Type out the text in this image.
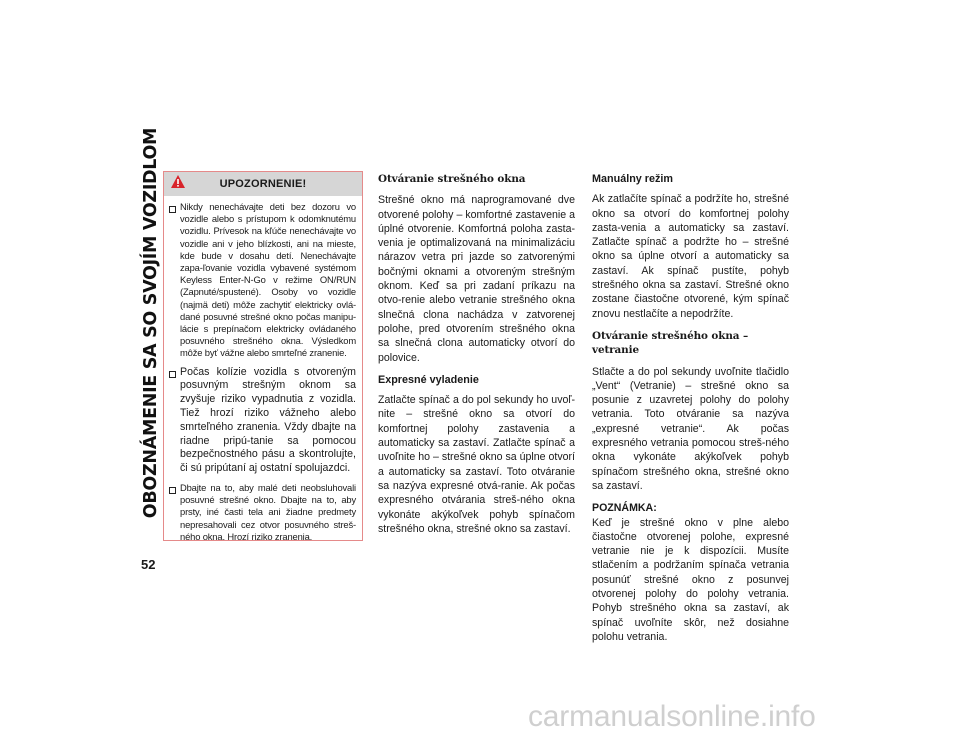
OBOZNÁMENIE SA SO SVOJÍM VOZIDLOM
52
UPOZORNENIE!
Nikdy nenechávajte deti bez dozoru vo vozidle alebo s prístupom k odomknutému vozidlu. Prívesok na kľúče nenechávajte vo vozidle ani v jeho blízkosti, ani na mieste, kde bude v dosahu detí. Nenechávajte zapa-ľovanie vozidla vybavené systémom Keyless Enter-N-Go v režime ON/RUN (Zapnuté/spustené). Osoby vo vozidle (najmä deti) môže zachytiť elektricky ovlá-dané posuvné strešné okno počas manipu-lácie s prepínačom elektricky ovládaného posuvného strešného okna. Výsledkom môže byť vážne alebo smrteľné zranenie.
Počas kolízie vozidla s otvoreným posuvným strešným oknom sa zvyšuje riziko vypadnutia z vozidla. Tiež hrozí riziko vážneho alebo smrteľného zranenia. Vždy dbajte na riadne pripú-tanie sa pomocou bezpečnostného pásu a skontrolujte, či sú pripútaní aj ostatní spolujazdci.
Dbajte na to, aby malé deti neobsluhovali posuvné strešné okno. Dbajte na to, aby prsty, iné časti tela ani žiadne predmety nepresahovali cez otvor posuvného streš-ného okna. Hrozí riziko zranenia.
Otváranie strešného okna

Strešné okno má naprogramované dve otvorené polohy – komfortné zastavenie a úplné otvorenie. Komfortná poloha zasta-venia je optimalizovaná na minimalizáciu nárazov vetra pri jazde so zatvorenými bočnými oknami a otvoreným strešným oknom. Keď sa pri zadaní príkazu na otvo-renie alebo vetranie strešného okna slnečná clona nachádza v zatvorenej polohe, pred otvorením strešného okna sa slnečná clona automaticky otvorí do polovice.

Expresné vyladenie

Zatlačte spínač a do pol sekundy ho uvoľ-nite – strešné okno sa otvorí do komfortnej polohy zastavenia a automaticky sa zastaví. Zatlačte spínač a uvoľnite ho – strešné okno sa úplne otvorí a automaticky sa zastaví. Toto otváranie sa nazýva expresné otvá-ranie. Ak počas expresného otvárania streš-ného okna vykonáte akýkoľvek pohyb spínačom strešného okna, strešné okno sa zastaví.

Manuálny režim

Ak zatlačíte spínač a podržíte ho, strešné okno sa otvorí do komfortnej polohy zasta-venia a automaticky sa zastaví. Zatlačte spínač a podržte ho – strešné okno sa úplne otvorí a automaticky sa zastaví. Ak spínač pustíte, pohyb strešného okna sa zastaví. Strešné okno zostane čiastočne otvorené, kým spínač znovu nestlačíte a nepodržíte.

Otváranie strešného okna – vetranie

Stlačte a do pol sekundy uvoľnite tlačidlo „Vent“ (Vetranie) – strešné okno sa posunie z uzavretej polohy do polohy vetrania. Toto otváranie sa nazýva „expresné vetranie“. Ak počas expresného vetrania pomocou streš-ného okna vykonáte akýkoľvek pohyb spínačom strešného okna, strešné okno sa zastaví.

POZNÁMKA:
Keď je strešné okno v plne alebo čiastočne otvorenej polohe, expresné vetranie nie je k dispozícii. Musíte stlačením a podržaním spínača vetrania posunúť strešné okno z posunvej otvorenej polohy do polohy vetrania. Pohyb strešného okna sa zastaví, ak spínač uvoľníte skôr, než dosiahne polohu vetrania.

carmanualsonline.info
